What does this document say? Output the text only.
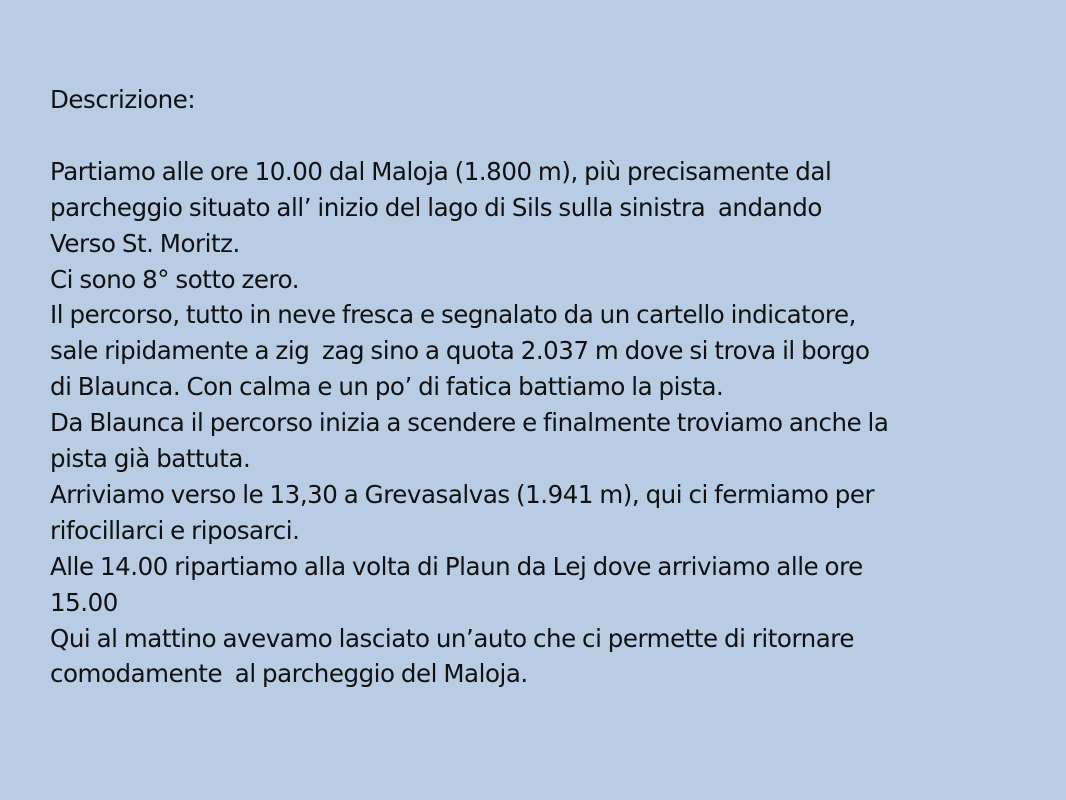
Descrizione:
Partiamo alle ore 10.00 dal Maloja (1.800 m), più precisamente dal
parcheggio situato all’ inizio del lago di Sils sulla sinistra  andando
Verso St. Moritz.
Ci sono 8° sotto zero.
Il percorso, tutto in neve fresca e segnalato da un cartello indicatore,
sale ripidamente a zig  zag sino a quota 2.037 m dove si trova il borgo
di Blaunca. Con calma e un po’ di fatica battiamo la pista.
Da Blaunca il percorso inizia a scendere e finalmente troviamo anche la
pista già battuta.
Arriviamo verso le 13,30 a Grevasalvas (1.941 m), qui ci fermiamo per
rifocillarci e riposarci.
Alle 14.00 ripartiamo alla volta di Plaun da Lej dove arriviamo alle ore
15.00
Qui al mattino avevamo lasciato un’auto che ci permette di ritornare
comodamente  al parcheggio del Maloja.
